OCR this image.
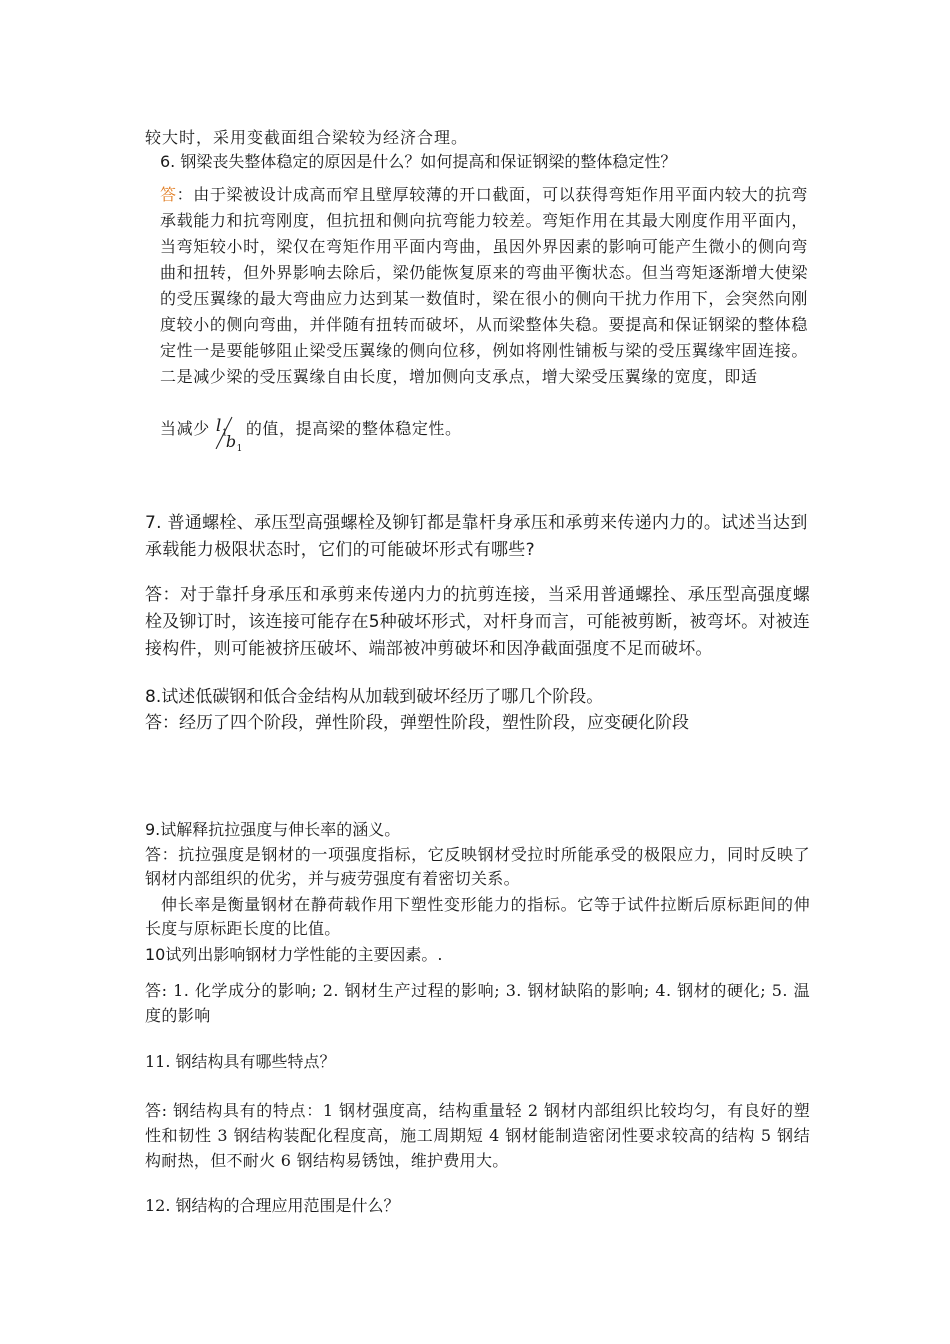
较大时，采用变截面组合梁较为经济合理。

6. 钢梁丧失整体稳定的原因是什么？如何提高和保证钢梁的整体稳定性？

答：由于梁被设计成高而窄且壁厚较薄的开口截面，可以获得弯矩作用平面内较大的抗弯承载能力和抗弯刚度，但抗扭和侧向抗弯能力较差。弯矩作用在其最大刚度作用平面内，当弯矩较小时，梁仅在弯矩作用平面内弯曲，虽因外界因素的影响可能产生微小的侧向弯曲和扭转，但外界影响去除后，梁仍能恢复原来的弯曲平衡状态。但当弯矩逐渐增大使梁的受压翼缘的最大弯曲应力达到某一数值时，梁在很小的侧向干扰力作用下，会突然向刚度较小的侧向弯曲，并伴随有扭转而破坏，从而梁整体失稳。要提高和保证钢梁的整体稳定性一是要能够阻止梁受压翼缘的侧向位移，例如将刚性铺板与梁的受压翼缘牢固连接。二是减少梁的受压翼缘自由长度，增加侧向支承点，增大梁受压翼缘的宽度，即适
当减少 $l_1$
$b_1$
的值，提高梁的整体稳定性。

7. 普通螺栓、承压型高强螺栓及铆钉都是靠杆身承压和承剪来传递内力的。试述当达到承载能力极限状态时，它们的可能破坏形式有哪些?

答：对于靠扦身承压和承剪来传递内力的抗剪连接，当采用普通螺拴、承压型高强度螺栓及铆订时，该连接可能存在5种破坏形式，对杆身而言，可能被剪断，被弯坏。对被连接构件，则可能被挤压破坏、端部被冲剪破坏和因净截面强度不足而破坏。

8.试述低碳钢和低合金结构从加载到破坏经历了哪几个阶段。

答：经历了四个阶段，弹性阶段，弹塑性阶段，塑性阶段，应变硬化阶段

9.试解释抗拉强度与伸长率的涵义。

答：抗拉强度是钢材的一项强度指标，它反映钢材受拉时所能承受的极限应力，同时反映了钢材内部组织的优劣，并与疲劳强度有着密切关系。

伸长率是衡量钢材在静荷载作用下塑性变形能力的指标。它等于试件拉断后原标距间的伸长度与原标距长度的比值。

10试列出影响钢材力学性能的主要因素。.

答: 1. 化学成分的影响; 2. 钢材生产过程的影响; 3. 钢材缺陷的影响; 4. 钢材的硬化; 5. 温度的影响

11. 钢结构具有哪些特点？

答: 钢结构具有的特点：1 钢材强度高，结构重量轻 2 钢材内部组织比较均匀，有良好的塑性和韧性 3 钢结构装配化程度高，施工周期短 4 钢材能制造密闭性要求较高的结构 5 钢结构耐热，但不耐火 6 钢结构易锈蚀，维护费用大。

12. 钢结构的合理应用范围是什么？
